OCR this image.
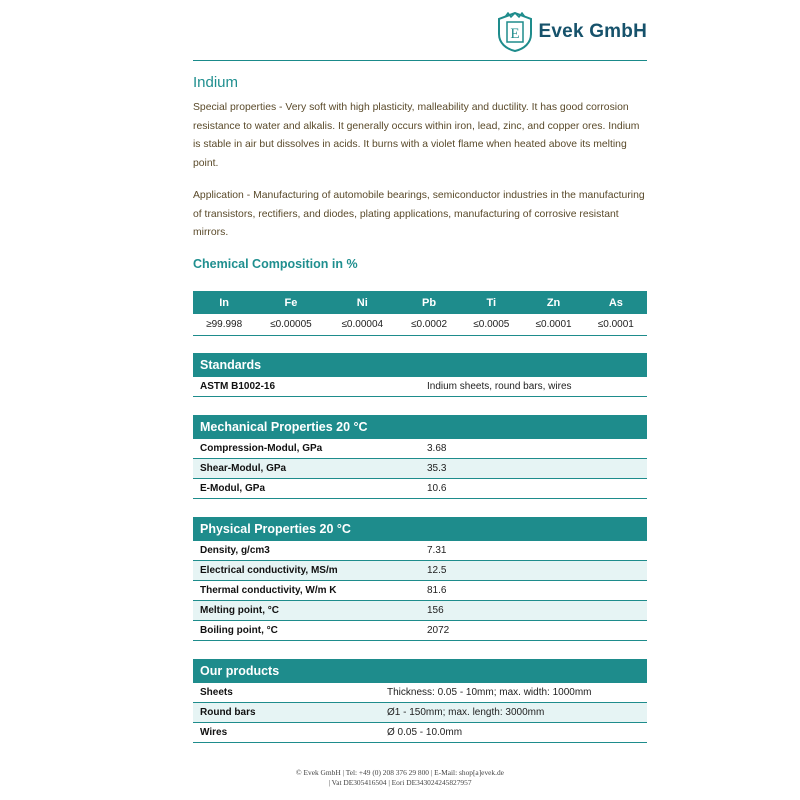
E Evek GmbH
Indium
Special properties - Very soft with high plasticity, malleability and ductility. It has good corrosion resistance to water and alkalis. It generally occurs within iron, lead, zinc, and copper ores. Indium is stable in air but dissolves in acids. It burns with a violet flame when heated above its melting point.
Application - Manufacturing of automobile bearings, semiconductor industries in the manufacturing of transistors, rectifiers, and diodes, plating applications, manufacturing of corrosive resistant mirrors.
Chemical Composition in %
In	Fe	Ni	Pb	Ti	Zn	As
≥99.998	≤0.00005	≤0.00004	≤0.0002	≤0.0005	≤0.0001	≤0.0001
Standards
ASTM B1002-16	Indium sheets, round bars, wires
Mechanical Properties 20 °C	
Compression-Modul, GPa	3.68
Shear-Modul, GPa	35.3
E-Modul, GPa	10.6
Physical Properties 20 °C	
Density, g/cm3	7.31
Electrical conductivity, MS/m	12.5
Thermal conductivity, W/m K	81.6
Melting point, °C	156
Boiling point, °C	2072
Our products	
Sheets	Thickness: 0.05 - 10mm; max. width: 1000mm
Round bars	Ø1 - 150mm; max. length: 3000mm
Wires	Ø 0.05 - 10.0mm
© Evek GmbH | Tel: +49 (0) 208 376 29 800 | E-Mail: shop[a]evek.de
| Vat DE305416504 | Eori DE343024245827957
